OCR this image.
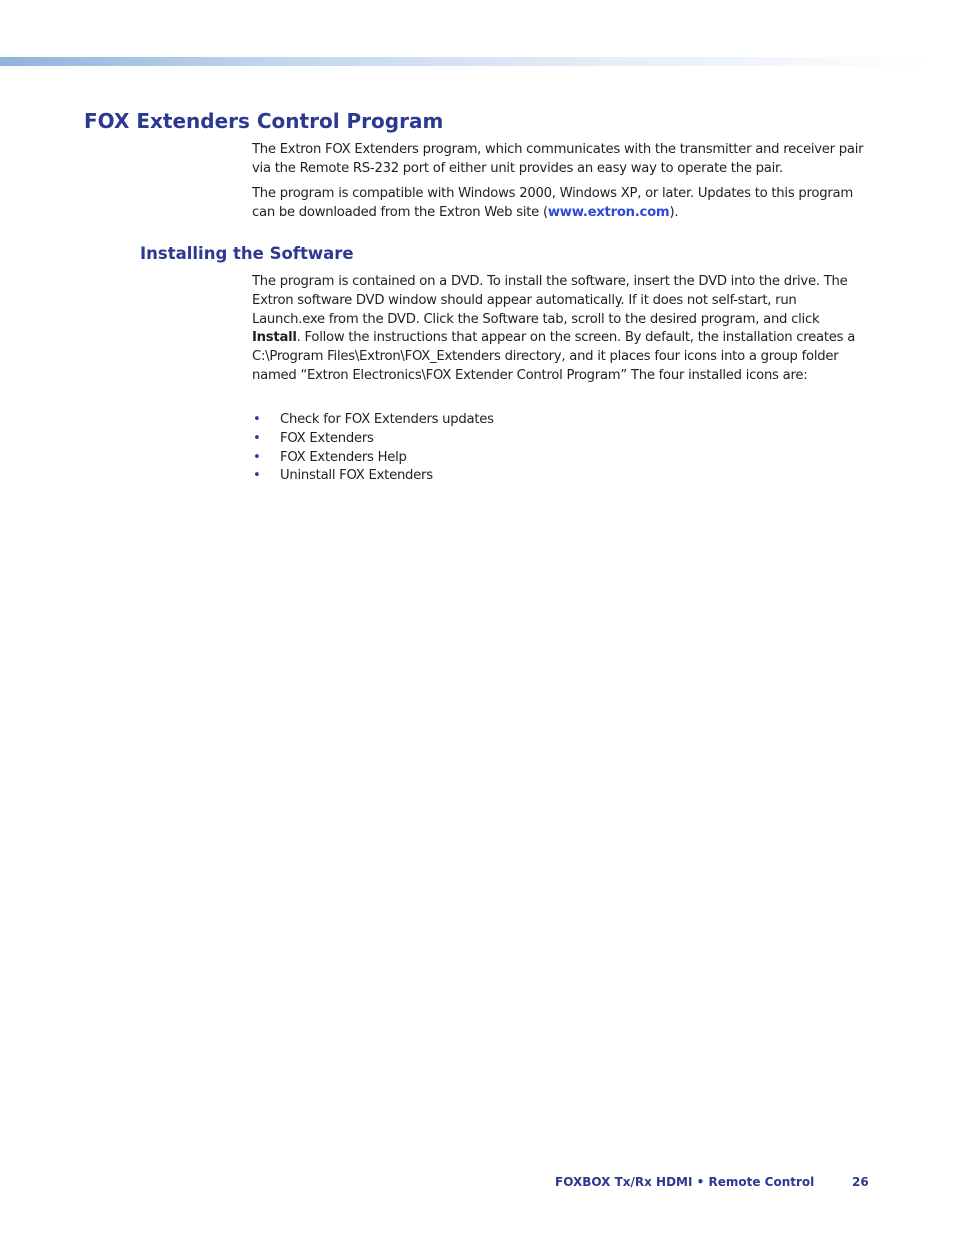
FOX Extenders Control Program

The Extron FOX Extenders program, which communicates with the transmitter and receiver pair via the Remote RS-232 port of either unit provides an easy way to operate the pair.

The program is compatible with Windows 2000, Windows XP, or later. Updates to this program can be downloaded from the Extron Web site (www.extron.com).

Installing the Software

The program is contained on a DVD. To install the software, insert the DVD into the drive. The Extron software DVD window should appear automatically. If it does not self-start, run Launch.exe from the DVD. Click the Software tab, scroll to the desired program, and click Install. Follow the instructions that appear on the screen. By default, the installation creates a C:\Program Files\Extron\FOX_Extenders directory, and it places four icons into a group folder named “Extron Electronics\FOX Extender Control Program” The four installed icons are:

• Check for FOX Extenders updates
• FOX Extenders
• FOX Extenders Help
• Uninstall FOX Extenders
FOXBOX Tx/Rx HDMI • Remote Control	26
